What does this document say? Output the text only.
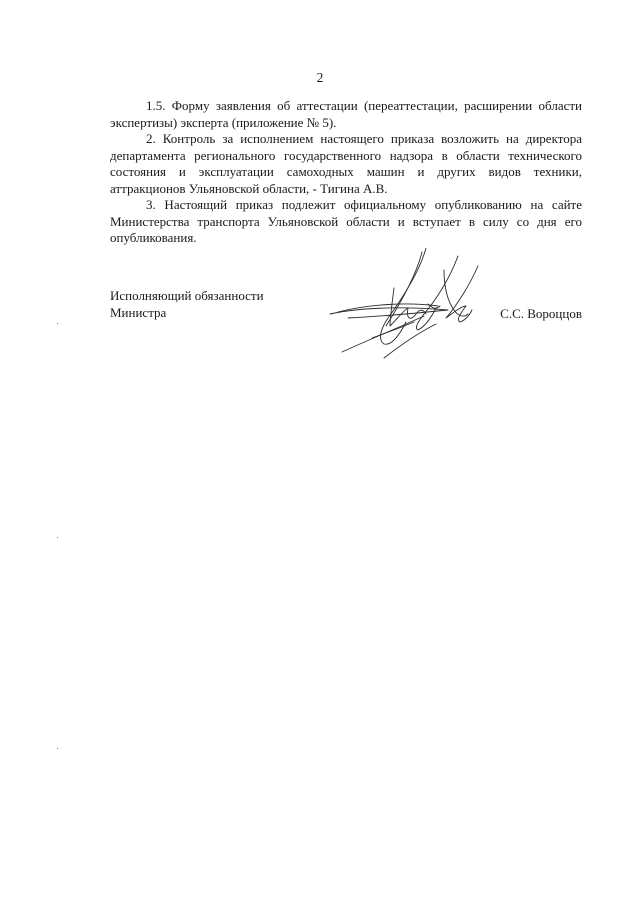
2

1.5. Форму заявления об аттестации (переаттестации, расширении области экспертизы) эксперта (приложение № 5).

2. Контроль за исполнением настоящего приказа возложить на директора департамента регионального государственного надзора в области технического состояния и эксплуатации самоходных машин и других видов техники, аттракционов Ульяновской области, - Тигина А.В.

3. Настоящий приказ подлежит официальному опубликованию на сайте Министерства транспорта Ульяновской области и вступает в силу со дня его опубликования.

Исполняющий обязанности
Министра	С.С. Вороццов
